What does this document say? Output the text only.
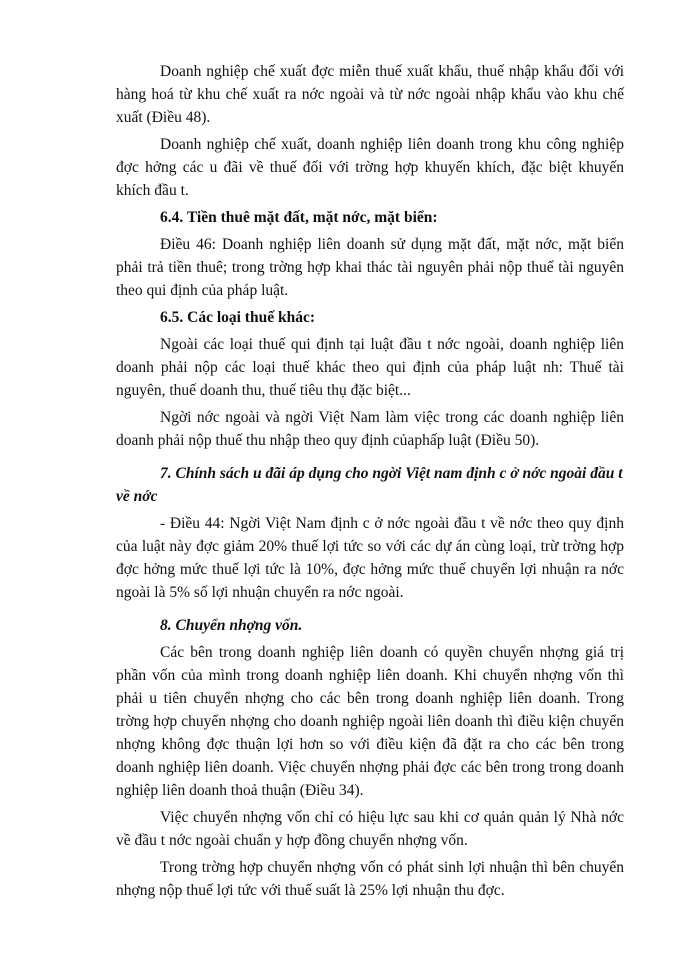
Doanh nghiệp chế xuất đợc miễn thuế xuất khẩu, thuế nhập khẩu đối với hàng hoá từ khu chế xuất ra nớc ngoài và từ nớc ngoài nhập khẩu vào khu chế xuất (Điều 48).

Doanh nghiệp chế xuất, doanh nghiệp liên doanh trong khu công nghiệp đợc hởng các u đãi về thuế đối với trờng hợp khuyến khích, đặc biệt khuyến khích đầu t.

6.4. Tiền thuê mặt đất, mặt nớc, mặt biển:

Điều 46: Doanh nghiệp liên doanh sử dụng mặt đất, mặt nớc, mặt biển phải trả tiền thuê; trong trờng hợp khai thác tài nguyên phải nộp thuế tài nguyên theo qui định của pháp luật.

6.5. Các loại thuế khác:

Ngoài các loại thuế qui định tại luật đầu t nớc ngoài, doanh nghiệp liên doanh phải nộp các loại thuế khác theo qui định của pháp luật nh: Thuế tài nguyên, thuế doanh thu, thuế tiêu thụ đặc biệt...

Ngời nớc ngoài và ngời Việt Nam làm việc trong các doanh nghiệp liên doanh phải nộp thuế thu nhập theo quy định củaphấp luật (Điều 50).

7. Chính sách u đãi áp dụng cho ngời Việt nam định c ở nớc ngoài đầu t về nớc

- Điều 44: Ngời Việt Nam định c ở nớc ngoài đầu t về nớc theo quy định của luật này đợc giảm 20% thuế lợi tức so với các dự án cùng loại, trừ trờng hợp đợc hởng mức thuế lợi tức là 10%, đợc hởng mức thuế chuyển lợi nhuận ra nớc ngoài là 5% số lợi nhuận chuyển ra nớc ngoài.

8. Chuyển nhợng vốn.

Các bên trong doanh nghiệp liên doanh có quyền chuyển nhợng giá trị phần vốn của mình trong doanh nghiệp liên doanh. Khi chuyển nhợng vốn thì phải u tiên chuyển nhợng cho các bên trong doanh nghiệp liên doanh. Trong trờng hợp chuyển nhợng cho doanh nghiệp ngoài liên doanh thì điều kiện chuyển nhợng không đợc thuận lợi hơn so với điều kiện đã đặt ra cho các bên trong doanh nghiệp liên doanh. Việc chuyển nhợng phải đợc các bên trong trong doanh nghiệp liên doanh thoả thuận (Điều 34).

Việc chuyển nhợng vốn chỉ có hiệu lực sau khi cơ quản quản lý Nhà nớc về đầu t nớc ngoài chuẩn y hợp đồng chuyển nhợng vốn.

Trong trờng hợp chuyển nhợng vốn có phát sinh lợi nhuận thì bên chuyển nhợng nộp thuế lợi tức với thuế suất là 25% lợi nhuận thu đợc.
